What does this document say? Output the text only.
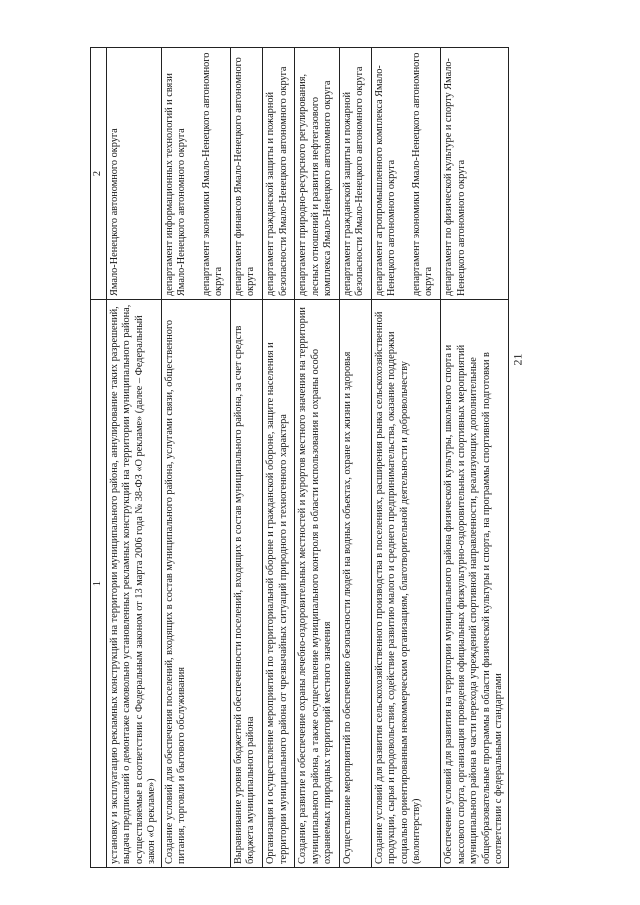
21
1	2
установку и эксплуатацию рекламных конструкций на территории муниципального района, аннулирование таких разрешений, выдача предписаний о демонтаже самовольно установленных рекламных конструкций на территории муниципального района, осуществляемые в соответствии с Федеральным законом от 13 марта 2006 года № 38-ФЗ «О рекламе» (далее – Федеральный закон «О рекламе»)	Ямало-Ненецкого автономного округа

Создание условий для обеспечения поселений, входящих в состав муниципального района, услугами связи, общественного питания, торговли и бытового обслуживания	департамент информационных технологий и связи Ямало-Ненецкого автономного округа департамент экономики Ямало-Ненецкого автономного округа

Выравнивание уровня бюджетной обеспеченности поселений, входящих в состав муниципального района, за счет средств бюджета муниципального района	департамент финансов Ямало-Ненецкого автономного округа

Организация и осуществление мероприятий по территориальной обороне и гражданской обороне, защите населения и территории муниципального района от чрезвычайных ситуаций природного и техногенного характера	департамент гражданской защиты и пожарной безопасности Ямало-Ненецкого автономного округа

Создание, развитие и обеспечение охраны лечебно-оздоровительных местностей и курортов местного значения на территории муниципального района, а также осуществление муниципального контроля в области использования и охраны особо охраняемых природных территорий местного значения	департамент природно-ресурсного регулирования, лесных отношений и развития нефтегазового комплекса Ямало-Ненецкого автономного округа

Осуществление мероприятий по обеспечению безопасности людей на водных объектах, охране их жизни и здоровья	департамент гражданской защиты и пожарной безопасности Ямало-Ненецкого автономного округа

Создание условий для развития сельскохозяйственного производства в поселениях, расширения рынка сельскохозяйственной продукции, сырья и продовольствия, содействие развитию малого и среднего предпринимательства, оказание поддержки социально ориентированным некоммерческим организациям, благотворительной деятельности и добровольчеству (волонтерству)	департамент агропромышленного комплекса Ямало-Ненецкого автономного округа департамент экономики Ямало-Ненецкого автономного округа

Обеспечение условий для развития на территории муниципального района физической культуры, школьного спорта и массового спорта, организация проведения официальных физкультурно-оздоровительных и спортивных мероприятий муниципального района в части перехода учреждений спортивной направленности, реализующих дополнительные общеобразовательные программы в области физической культуры и спорта, на программы спортивной подготовки в соответствии с федеральными стандартами	департамент по физической культуре и спорту Ямало-Ненецкого автономного округа
